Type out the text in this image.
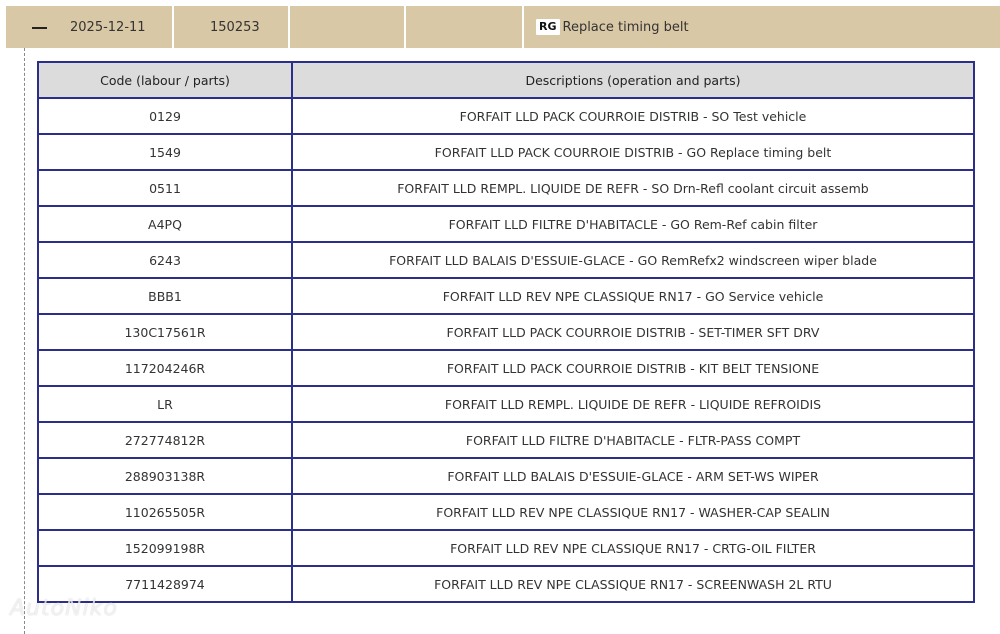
2025-12-11	150253	RG Replace timing belt
Code (labour / parts)	Descriptions (operation and parts)
0129	FORFAIT LLD PACK COURROIE DISTRIB - SO Test vehicle
1549	FORFAIT LLD PACK COURROIE DISTRIB - GO Replace timing belt
0511	FORFAIT LLD REMPL. LIQUIDE DE REFR - SO Drn-Refl coolant circuit assemb
A4PQ	FORFAIT LLD FILTRE D'HABITACLE - GO Rem-Ref cabin filter
6243	FORFAIT LLD BALAIS D'ESSUIE-GLACE - GO RemRefx2 windscreen wiper blade
BBB1	FORFAIT LLD REV NPE CLASSIQUE RN17 - GO Service vehicle
130C17561R	FORFAIT LLD PACK COURROIE DISTRIB - SET-TIMER SFT DRV
117204246R	FORFAIT LLD PACK COURROIE DISTRIB - KIT BELT TENSIONE
LR	FORFAIT LLD REMPL. LIQUIDE DE REFR - LIQUIDE REFROIDIS
272774812R	FORFAIT LLD FILTRE D'HABITACLE - FLTR-PASS COMPT
288903138R	FORFAIT LLD BALAIS D'ESSUIE-GLACE - ARM SET-WS WIPER
110265505R	FORFAIT LLD REV NPE CLASSIQUE RN17 - WASHER-CAP SEALIN
152099198R	FORFAIT LLD REV NPE CLASSIQUE RN17 - CRTG-OIL FILTER
7711428974	FORFAIT LLD REV NPE CLASSIQUE RN17 - SCREENWASH 2L RTU
AutoNiko
